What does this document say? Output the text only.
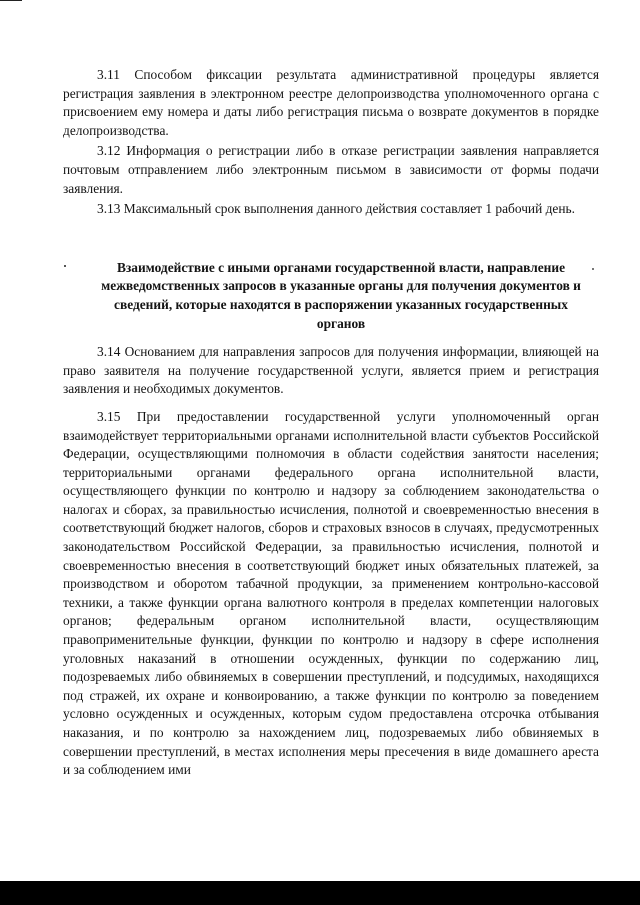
3.11 Способом фиксации результата административной процедуры является регистрация заявления в электронном реестре делопроизводства уполномоченного органа с присвоением ему номера и даты либо регистрация письма о возврате документов в порядке делопроизводства.

3.12 Информация о регистрации либо в отказе регистрации заявления направляется почтовым отправлением либо электронным письмом в зависимости от формы подачи заявления.

3.13 Максимальный срок выполнения данного действия составляет 1 рабочий день.

Взаимодействие с иными органами государственной власти, направление межведомственных запросов в указанные органы для получения документов и сведений, которые находятся в распоряжении указанных государственных органов

3.14 Основанием для направления запросов для получения информации, влияющей на право заявителя на получение государственной услуги, является прием и регистрация заявления и необходимых документов.

3.15 При предоставлении государственной услуги уполномоченный орган взаимодействует территориальными органами исполнительной власти субъектов Российской Федерации, осуществляющими полномочия в области содействия занятости населения; территориальными органами федерального органа исполнительной власти, осуществляющего функции по контролю и надзору за соблюдением законодательства о налогах и сборах, за правильностью исчисления, полнотой и своевременностью внесения в соответствующий бюджет налогов, сборов и страховых взносов в случаях, предусмотренных законодательством Российской Федерации, за правильностью исчисления, полнотой и своевременностью внесения в соответствующий бюджет иных обязательных платежей, за производством и оборотом табачной продукции, за применением контрольно-кассовой техники, а также функции органа валютного контроля в пределах компетенции налоговых органов; федеральным органом исполнительной власти, осуществляющим правоприменительные функции, функции по контролю и надзору в сфере исполнения уголовных наказаний в отношении осужденных, функции по содержанию лиц, подозреваемых либо обвиняемых в совершении преступлений, и подсудимых, находящихся под стражей, их охране и конвоированию, а также функции по контролю за поведением условно осужденных и осужденных, которым судом предоставлена отсрочка отбывания наказания, и по контролю за нахождением лиц, подозреваемых либо обвиняемых в совершении преступлений, в местах исполнения меры пресечения в виде домашнего ареста и за соблюдением ими
